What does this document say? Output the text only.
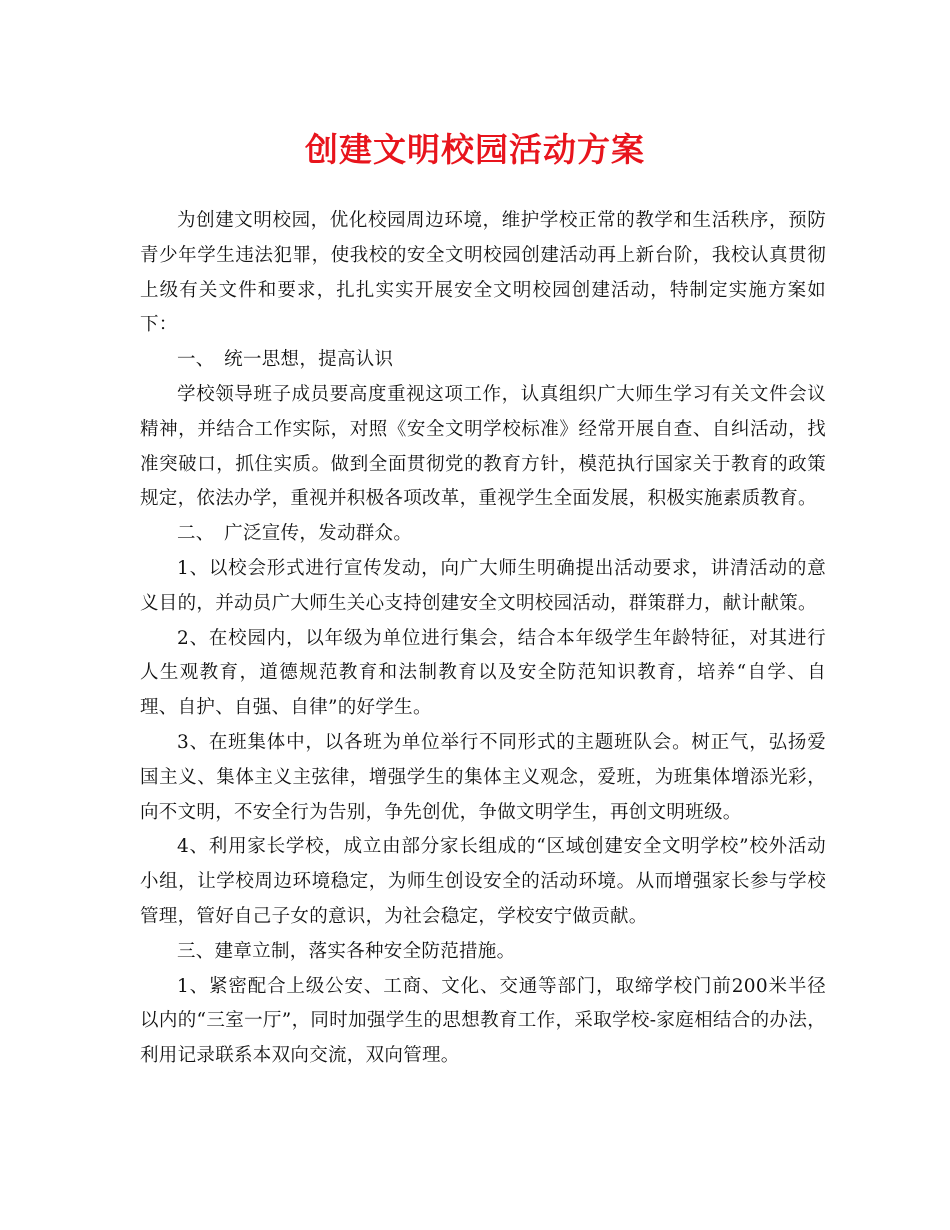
创建文明校园活动方案

为创建文明校园，优化校园周边环境，维护学校正常的教学和生活秩序，预防青少年学生违法犯罪，使我校的安全文明校园创建活动再上新台阶，我校认真贯彻上级有关文件和要求，扎扎实实开展安全文明校园创建活动，特制定实施方案如下：

一、　统一思想，提高认识

学校领导班子成员要高度重视这项工作，认真组织广大师生学习有关文件会议精神，并结合工作实际，对照《安全文明学校标准》经常开展自查、自纠活动，找准突破口，抓住实质。做到全面贯彻党的教育方针，模范执行国家关于教育的政策规定，依法办学，重视并积极各项改革，重视学生全面发展，积极实施素质教育。

二、　广泛宣传，发动群众。

1、以校会形式进行宣传发动，向广大师生明确提出活动要求，讲清活动的意义目的，并动员广大师生关心支持创建安全文明校园活动，群策群力，献计献策。

2、在校园内，以年级为单位进行集会，结合本年级学生年龄特征，对其进行人生观教育，道德规范教育和法制教育以及安全防范知识教育，培养“自学、自理、自护、自强、自律”的好学生。

3、在班集体中，以各班为单位举行不同形式的主题班队会。树正气，弘扬爱国主义、集体主义主弦律，增强学生的集体主义观念，爱班，为班集体增添光彩，向不文明，不安全行为告别，争先创优，争做文明学生，再创文明班级。

4、利用家长学校，成立由部分家长组成的“区域创建安全文明学校”校外活动小组，让学校周边环境稳定，为师生创设安全的活动环境。从而增强家长参与学校管理，管好自己子女的意识，为社会稳定，学校安宁做贡献。

三、建章立制，落实各种安全防范措施。

1、紧密配合上级公安、工商、文化、交通等部门，取缔学校门前200米半径以内的“三室一厅”，同时加强学生的思想教育工作，采取学校-家庭相结合的办法，利用记录联系本双向交流，双向管理。
